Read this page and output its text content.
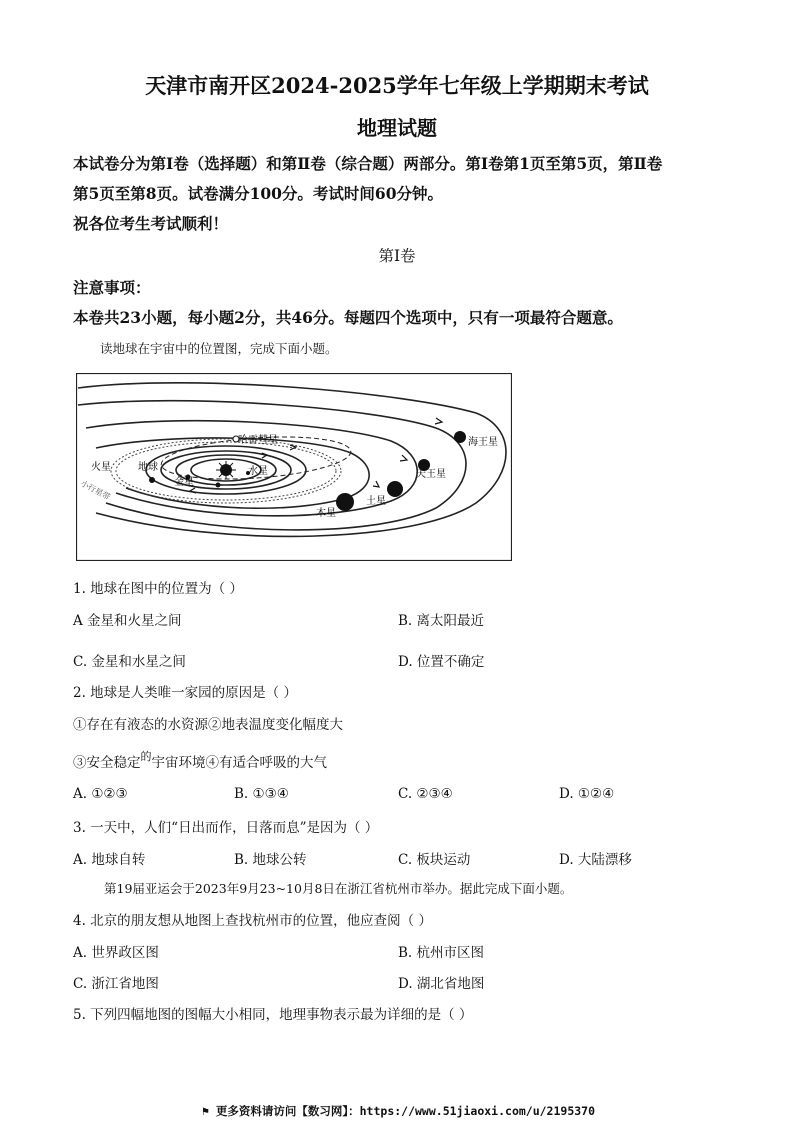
天津市南开区2024-2025学年七年级上学期期末考试
地理试题
本试卷分为第Ⅰ卷（选择题）和第Ⅱ卷（综合题）两部分。第Ⅰ卷第1页至第5页，第Ⅱ卷
第5页至第8页。试卷满分100分。考试时间60分钟。
祝各位考生考试顺利！
第Ⅰ卷
注意事项：
本卷共23小题，每小题2分，共46分。每题四个选项中，只有一项最符合题意。
读地球在宇宙中的位置图，完成下面小题。
哈雷彗星
地球
火星
金星
水星
木星
土星
天王星
海王星
小行星带
1. 地球在图中的位置为（ ）
A 金星和火星之间	B. 离太阳最近
C. 金星和水星之间	D. 位置不确定
2. 地球是人类唯一家园的原因是（ ）
①存在有液态的水资源②地表温度变化幅度大
③安全稳定$^的$宇宙环境④有适合呼吸的大气
A. ①②③	B. ①③④	C. ②③④	D. ①②④
3. 一天中，人们“日出而作，日落而息”是因为（ ）
A. 地球自转	B. 地球公转	C. 板块运动	D. 大陆漂移
第19届亚运会于2023年9月23~10月8日在浙江省杭州市举办。据此完成下面小题。
4. 北京的朋友想从地图上查找杭州市的位置，他应查阅（ ）
A. 世界政区图	B. 杭州市区图
C. 浙江省地图	D. 湖北省地图
5. 下列四幅地图的图幅大小相同，地理事物表示最为详细的是（ ）
⚑ 更多资料请访问【数习网】：https://www.51jiaoxi.com/u/2195370
